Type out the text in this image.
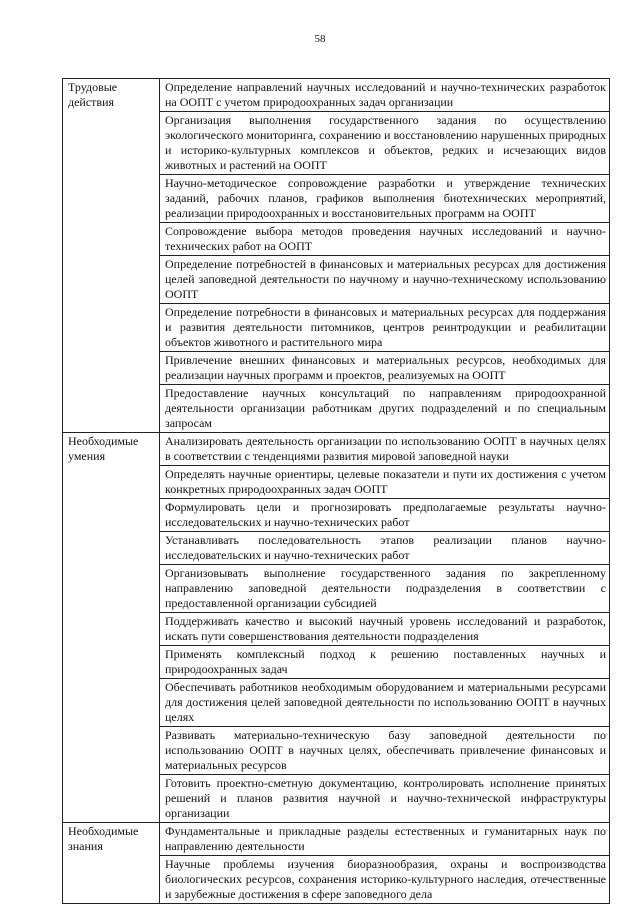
58
Трудовые действия	Определение направлений научных исследований и научно-технических разработок на ООПТ с учетом природоохранных задач организации
	Организация выполнения государственного задания по осуществлению экологического мониторинга, сохранению и восстановлению нарушенных природных и историко-культурных комплексов и объектов, редких и исчезающих видов животных и растений на ООПТ
	Научно-методическое сопровождение разработки и утверждение технических заданий, рабочих планов, графиков выполнения биотехнических мероприятий, реализации природоохранных и восстановительных программ на ООПТ
	Сопровождение выбора методов проведения научных исследований и научно-технических работ на ООПТ
	Определение потребностей в финансовых и материальных ресурсах для достижения целей заповедной деятельности по научному и научно-техническому использованию ООПТ
	Определение потребности в финансовых и материальных ресурсах для поддержания и развития деятельности питомников, центров реинтродукции и реабилитации объектов животного и растительного мира
	Привлечение внешних финансовых и материальных ресурсов, необходимых для реализации научных программ и проектов, реализуемых на ООПТ
	Предоставление научных консультаций по направлениям природоохранной деятельности организации работникам других подразделений и по специальным запросам
Необходимые умения	Анализировать деятельность организации по использованию ООПТ в научных целях в соответствии с тенденциями развития мировой заповедной науки
	Определять научные ориентиры, целевые показатели и пути их достижения с учетом конкретных природоохранных задач ООПТ
	Формулировать цели и прогнозировать предполагаемые результаты научно-исследовательских и научно-технических работ
	Устанавливать последовательность этапов реализации планов научно-исследовательских и научно-технических работ
	Организовывать выполнение государственного задания по закрепленному направлению заповедной деятельности подразделения в соответствии с предоставленной организации субсидией
	Поддерживать качество и высокий научный уровень исследований и разработок, искать пути совершенствования деятельности подразделения
	Применять комплексный подход к решению поставленных научных и природоохранных задач
	Обеспечивать работников необходимым оборудованием и материальными ресурсами для достижения целей заповедной деятельности по использованию ООПТ в научных целях
	Развивать материально-техническую базу заповедной деятельности по использованию ООПТ в научных целях, обеспечивать привлечение финансовых и материальных ресурсов
	Готовить проектно-сметную документацию, контролировать исполнение принятых решений и планов развития научной и научно-технической инфраструктуры организации
Необходимые знания	Фундаментальные и прикладные разделы естественных и гуманитарных наук по направлению деятельности
	Научные проблемы изучения биоразнообразия, охраны и воспроизводства биологических ресурсов, сохранения историко-культурного наследия, отечественные и зарубежные достижения в сфере заповедного дела
